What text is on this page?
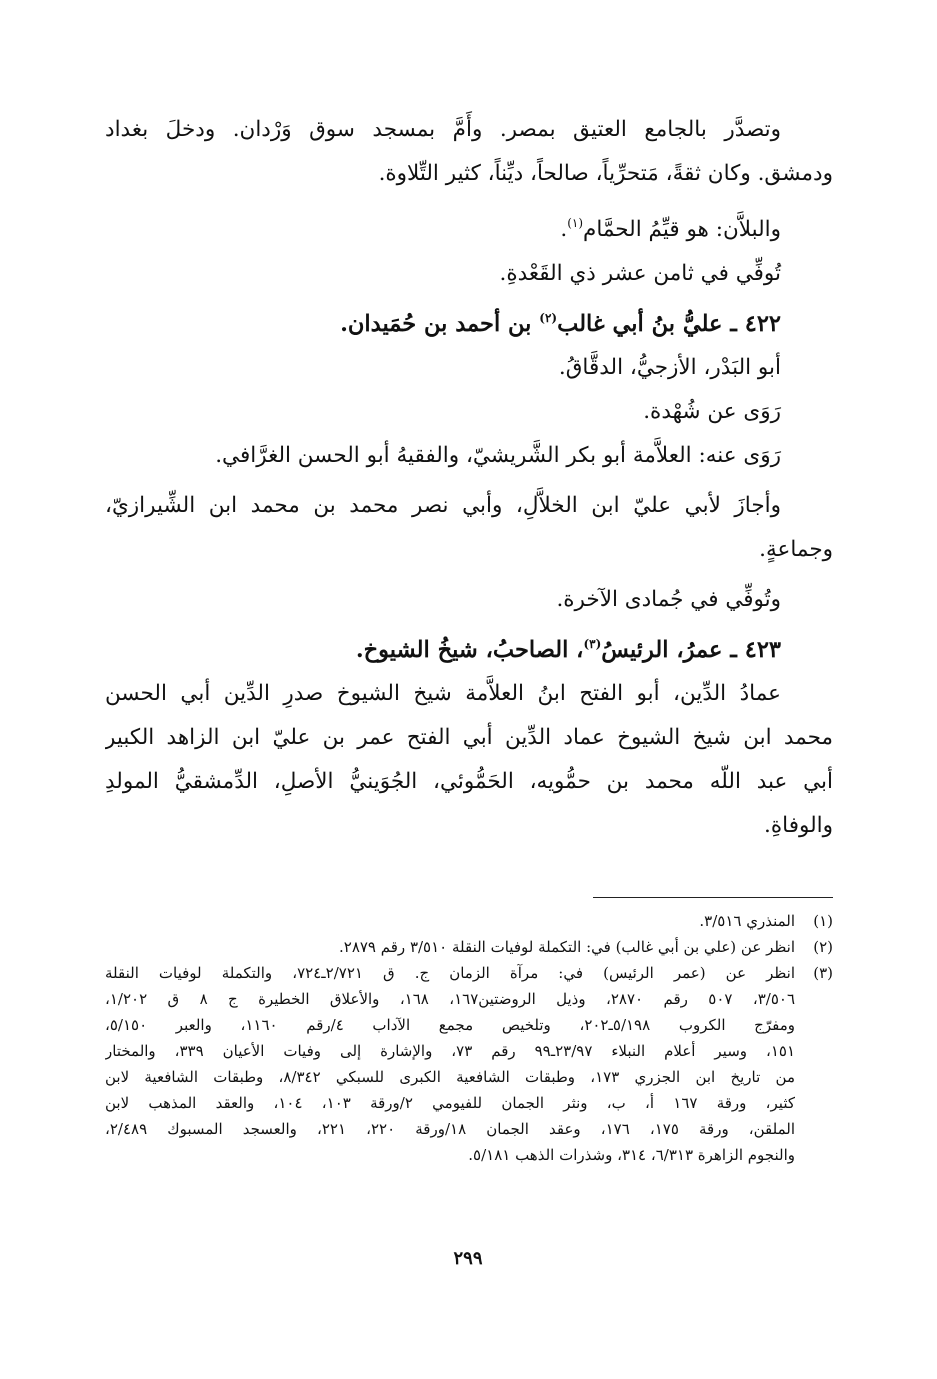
وتصدَّر بالجامع العتيق بمصر. وأَمَّ بمسجد سوق وَرْدان. ودخلَ بغداد
ودمشق. وكان ثقةً، مَتحرِّياً، صالحاً، ديِّناً، كثير التِّلاوة.
والبلاَّن: هو قيِّمُ الحمَّام$^{(١)}$.
تُوفِّي في ثامن عشر ذي القَعْدةِ.
٤٢٢ ـ عليُّ بنُ أبي غالب$^{(٢)}$ بن أحمد بن حُمَيدان.
أبو البَدْر، الأزجيُّ، الدقَّاقُ.
رَوَى عن شُهْدة.
رَوَى عنه: العلاَّمة أبو بكر الشَّريشيّ، والفقيهُ أبو الحسن الغرَّافي.
وأجازَ لأبي عليّ ابن الخلاَّلِ، وأبي نصر محمد بن محمد ابن الشِّيرازيّ،
وجماعةٍ.
وتُوفِّي في جُمادى الآخرة.
٤٢٣ ـ عمرُ، الرئيسُ$^{(٣)}$، الصاحبُ، شيخُ الشيوخ.
عمادُ الدِّين، أبو الفتح ابنُ العلاَّمة شيخ الشيوخ صدرِ الدِّين أبي الحسن
محمد ابن شيخ الشيوخ عماد الدِّين أبي الفتح عمر بن عليّ ابن الزاهد الكبير
أبي عبد اللّه محمد بن حمُّويه، الحَمُّوئي، الجُوَينيُّ الأصلِ، الدِّمشقيُّ المولدِ
والوفاةِ.
(١)
المنذري ٣/٥١٦.
(٢)
انظر عن (علي بن أبي غالب) في: التكملة لوفيات النقلة ٣/٥١٠ رقم ٢٨٧٩.
(٣)
انظر عن (عمر الرئيس) في: مرآة الزمان ج. ق ٢/٧٢١ـ٧٢٤، والتكملة لوفيات النقلة
٣/٥٠٦، ٥٠٧ رقم ٢٨٧٠، وذيل الروضتين١٦٧، ١٦٨، والأعلاق الخطيرة ج ٨ ق ١/٢٠٢،
ومفرّج الكروب ٥/١٩٨ـ٢٠٢، وتلخيص مجمع الآداب ٤/رقم ١١٦٠، والعبر ٥/١٥٠،
١٥١، وسير أعلام النبلاء ٢٣/٩٧ـ٩٩ رقم ٧٣، والإشارة إلى وفيات الأعيان ٣٣٩، والمختار
من تاريخ ابن الجزري ١٧٣، وطبقات الشافعية الكبرى للسبكي ٨/٣٤٢، وطبقات الشافعية لابن
كثير، ورقة ١٦٧ أ، ب، ونثر الجمان للفيومي ٢/ورقة ١٠٣، ١٠٤، والعقد المذهب لابن
الملقن، ورقة ١٧٥، ١٧٦، وعقد الجمان ١٨/ورقة ٢٢٠، ٢٢١، والعسجد المسبوك ٢/٤٨٩،
والنجوم الزاهرة ٦/٣١٣، ٣١٤، وشذرات الذهب ٥/١٨١.
٢٩٩
